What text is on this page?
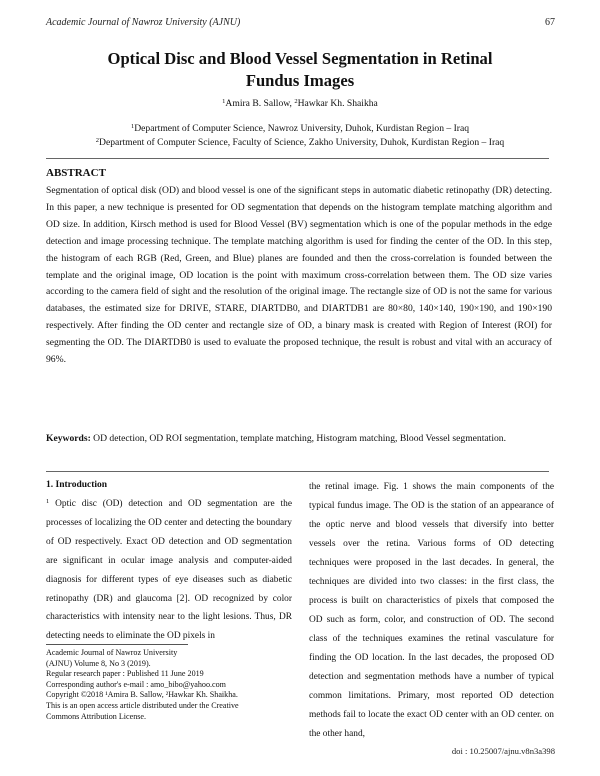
Academic Journal of Nawroz University (AJNU)	67
Optical Disc and Blood Vessel Segmentation in Retinal
Fundus Images
$^1$Amira B. Sallow, $^2$Hawkar Kh. Shaikha
$^1$Department of Computer Science, Nawroz University, Duhok, Kurdistan Region – Iraq
$^2$Department of Computer Science, Faculty of Science, Zakho University, Duhok, Kurdistan Region – Iraq
ABSTRACT

Segmentation of optical disk (OD) and blood vessel is one of the significant steps in automatic diabetic retinopathy (DR) detecting. In this paper, a new technique is presented for OD segmentation that depends on the histogram template matching algorithm and OD size. In addition, Kirsch method is used for Blood Vessel (BV) segmentation which is one of the popular methods in the edge detection and image processing technique. The template matching algorithm is used for finding the center of the OD. In this step, the histogram of each RGB (Red, Green, and Blue) planes are founded and then the cross-correlation is founded between the template and the original image, OD location is the point with maximum cross-correlation between them. The OD size varies according to the camera field of sight and the resolution of the original image. The rectangle size of OD is not the same for various databases, the estimated size for DRIVE, STARE, DIARTDB0, and DIARTDB1 are 80×80, 140×140, 190×190, and 190×190 respectively. After finding the OD center and rectangle size of OD, a binary mask is created with Region of Interest (ROI) for segmenting the OD. The DIARTDB0 is used to evaluate the proposed technique, the result is robust and vital with an accuracy of 96%.

Keywords: OD detection, OD ROI segmentation, template matching, Histogram matching, Blood Vessel segmentation.

1. Introduction

$^1$ Optic disc (OD) detection and OD segmentation are the processes of localizing the OD center and detecting the boundary of OD respectively. Exact OD detection and OD segmentation are significant in ocular image analysis and computer-aided diagnosis for different types of eye diseases such as diabetic retinopathy (DR) and glaucoma [2]. OD recognized by color characteristics with intensity near to the light lesions. Thus, DR detecting needs to eliminate the OD pixels in

the retinal image. Fig. 1 shows the main components of the typical fundus image. The OD is the station of an appearance of the optic nerve and blood vessels that diversify into better vessels over the retina. Various forms of OD detecting techniques were proposed in the last decades. In general, the techniques are divided into two classes: in the first class, the process is built on characteristics of pixels that composed the OD such as form, color, and construction of OD. The second class of the techniques examines the retinal vasculature for finding the OD location. In the last decades, the proposed OD detection and segmentation methods have a number of typical common limitations. Primary, most reported OD detection methods fail to locate the exact OD center with an OD center. on the other hand,

Academic Journal of Nawroz University
(AJNU) Volume 8, No 3 (2019).
Regular research paper : Published 11 June 2019
Corresponding author's e-mail : amo_bibo@yahoo.com
Copyright ©2018 ¹Amira B. Sallow, ²Hawkar Kh. Shaikha.
This is an open access article distributed under the Creative
Commons Attribution License.
doi : 10.25007/ajnu.v8n3a398
